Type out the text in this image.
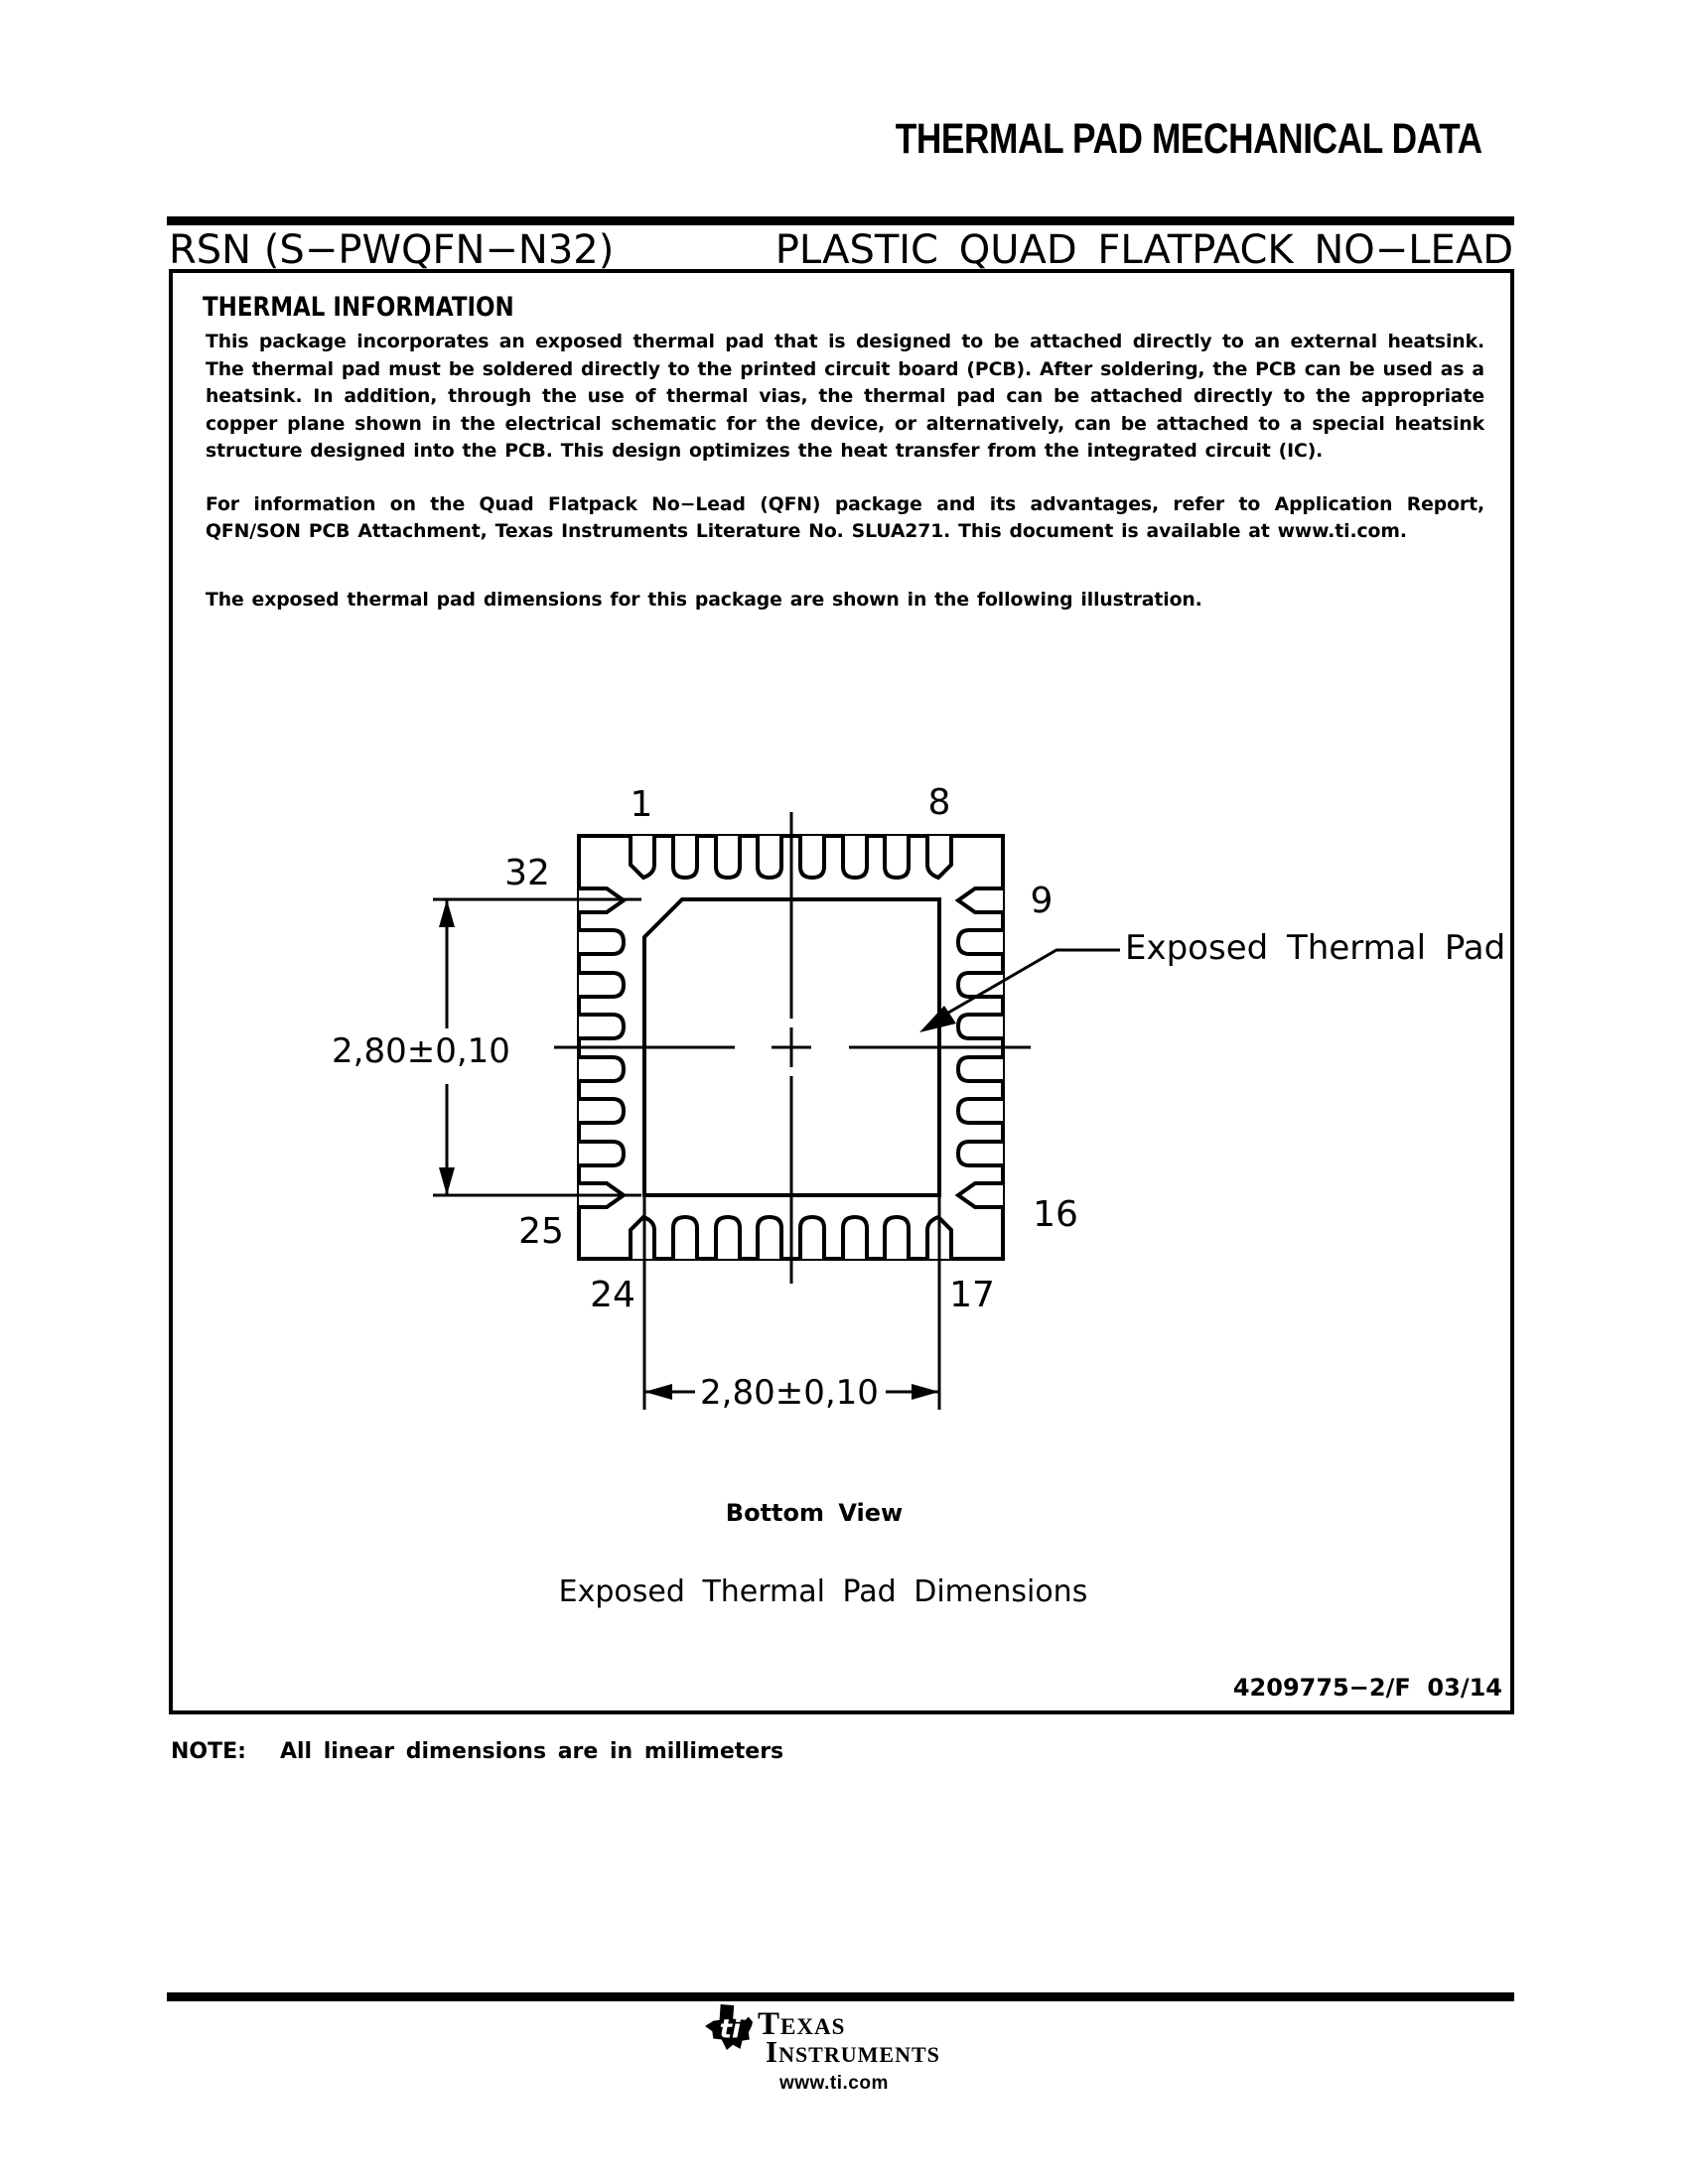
THERMAL PAD MECHANICAL DATA
RSN (S−PWQFN−N32)	PLASTIC QUAD FLATPACK NO−LEAD
THERMAL INFORMATION

This package incorporates an exposed thermal pad that is designed to be attached directly to an external heatsink. The thermal pad must be soldered directly to the printed circuit board (PCB). After soldering, the PCB can be used as a heatsink. In addition, through the use of thermal vias, the thermal pad can be attached directly to the appropriate copper plane shown in the electrical schematic for the device, or alternatively, can be attached to a special heatsink structure designed into the PCB. This design optimizes the heat transfer from the integrated circuit (IC).

For information on the Quad Flatpack No−Lead (QFN) package and its advantages, refer to Application Report, QFN/SON PCB Attachment, Texas Instruments Literature No. SLUA271. This document is available at www.ti.com.

The exposed thermal pad dimensions for this package are shown in the following illustration.

2,80±0,10
2,80±0,10
Exposed Thermal Pad
1	8
32
9
25	16
24	17
Bottom View
Exposed Thermal Pad Dimensions
4209775−2/F  03/14
NOTE: All linear dimensions are in millimeters
ti Texas
Instruments
www.ti.com
